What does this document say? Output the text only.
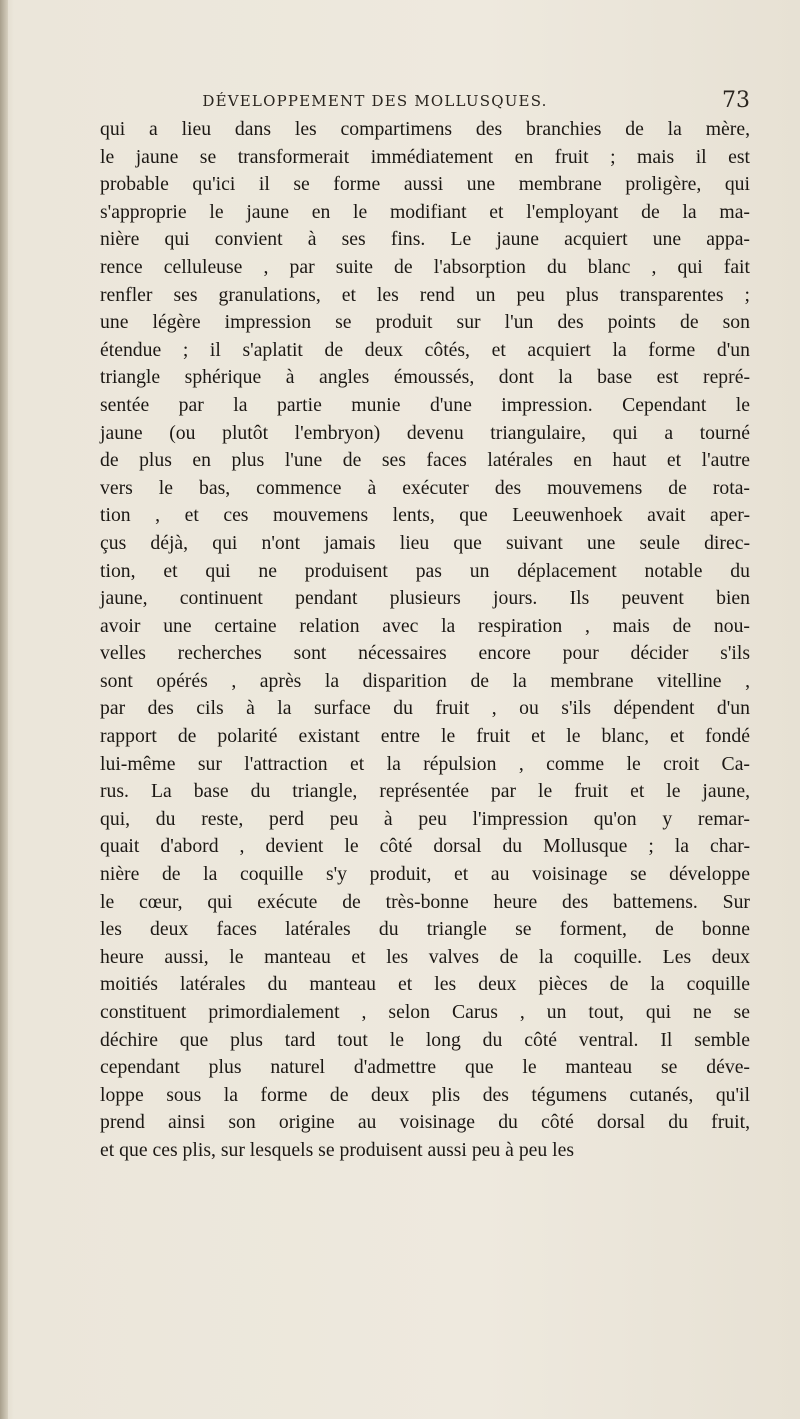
DÉVELOPPEMENT DES MOLLUSQUES.	73
qui a lieu dans les compartimens des branchies de la mère,
le jaune se transformerait immédiatement en fruit ; mais il est
probable qu'ici il se forme aussi une membrane proligère, qui
s'approprie le jaune en le modifiant et l'employant de la ma-
nière qui convient à ses fins. Le jaune acquiert une appa-
rence celluleuse , par suite de l'absorption du blanc , qui fait
renfler ses granulations, et les rend un peu plus transparentes ;
une légère impression se produit sur l'un des points de son
étendue ; il s'aplatit de deux côtés, et acquiert la forme d'un
triangle sphérique à angles émoussés, dont la base est repré-
sentée par la partie munie d'une impression. Cependant le
jaune (ou plutôt l'embryon) devenu triangulaire, qui a tourné
de plus en plus l'une de ses faces latérales en haut et l'autre
vers le bas, commence à exécuter des mouvemens de rota-
tion , et ces mouvemens lents, que Leeuwenhoek avait aper-
çus déjà, qui n'ont jamais lieu que suivant une seule direc-
tion, et qui ne produisent pas un déplacement notable du
jaune, continuent pendant plusieurs jours. Ils peuvent bien
avoir une certaine relation avec la respiration , mais de nou-
velles recherches sont nécessaires encore pour décider s'ils
sont opérés , après la disparition de la membrane vitelline ,
par des cils à la surface du fruit , ou s'ils dépendent d'un
rapport de polarité existant entre le fruit et le blanc, et fondé
lui-même sur l'attraction et la répulsion , comme le croit Ca-
rus. La base du triangle, représentée par le fruit et le jaune,
qui, du reste, perd peu à peu l'impression qu'on y remar-
quait d'abord , devient le côté dorsal du Mollusque ; la char-
nière de la coquille s'y produit, et au voisinage se développe
le cœur, qui exécute de très-bonne heure des battemens. Sur
les deux faces latérales du triangle se forment, de bonne
heure aussi, le manteau et les valves de la coquille. Les deux
moitiés latérales du manteau et les deux pièces de la coquille
constituent primordialement , selon Carus , un tout, qui ne se
déchire que plus tard tout le long du côté ventral. Il semble
cependant plus naturel d'admettre que le manteau se déve-
loppe sous la forme de deux plis des tégumens cutanés, qu'il
prend ainsi son origine au voisinage du côté dorsal du fruit,
et que ces plis, sur lesquels se produisent aussi peu à peu les
